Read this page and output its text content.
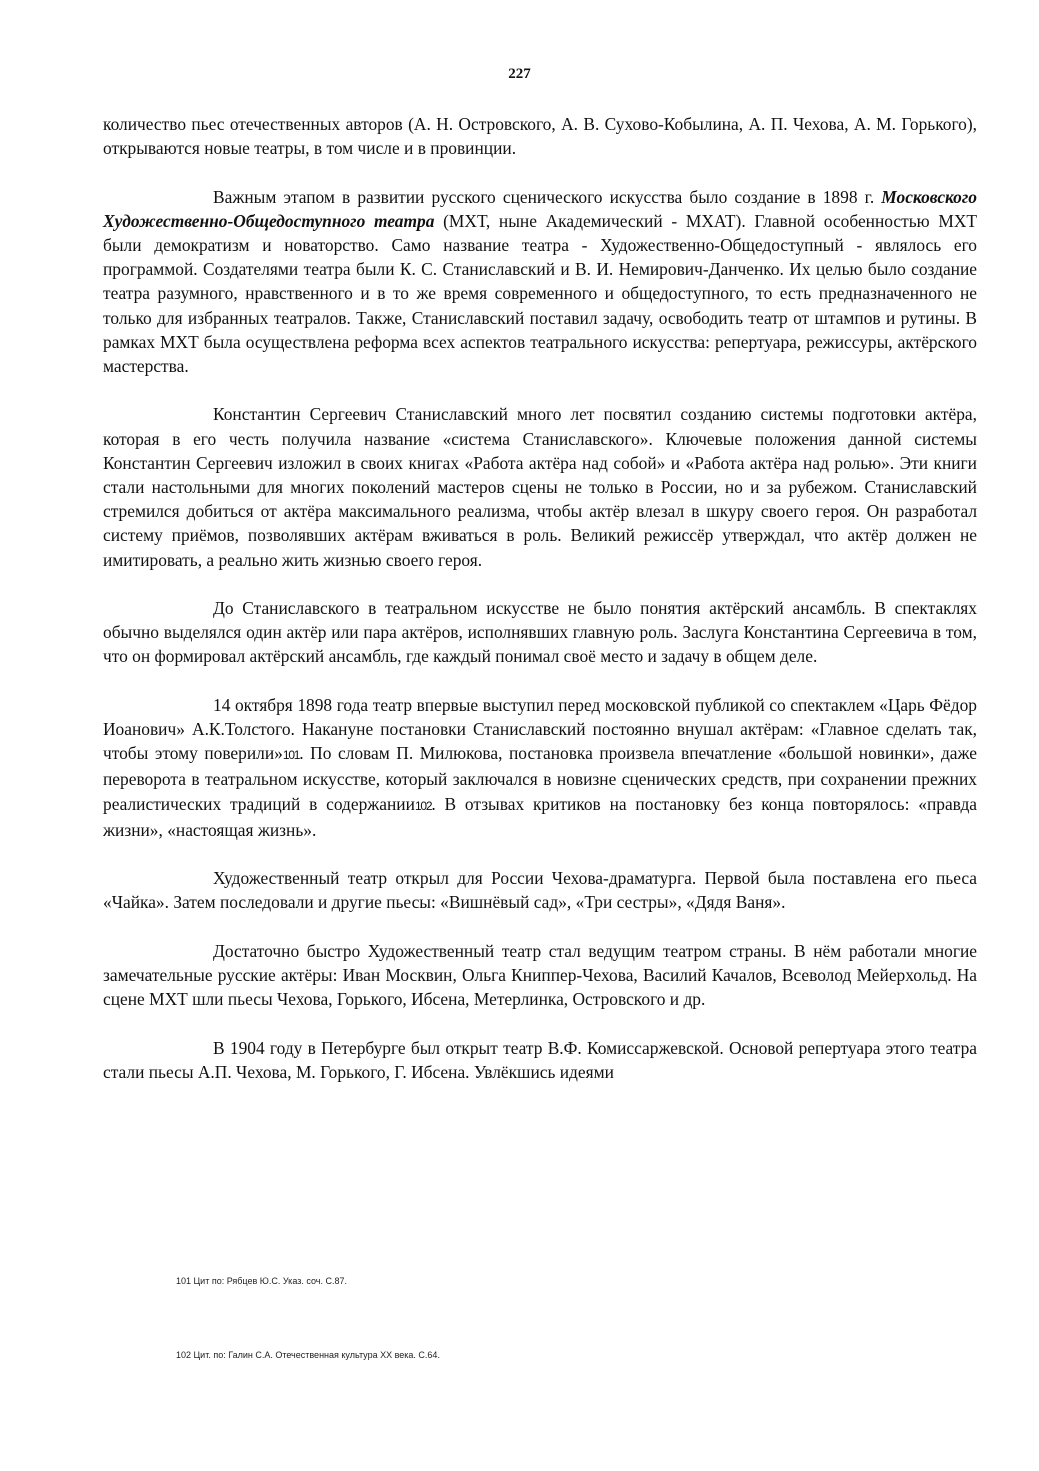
227

количество пьес отечественных авторов (А. Н. Островского, А. В. Сухово-Кобылина, А. П. Чехова, А. М. Горького), открываются новые театры, в том числе и в провинции.

Важным этапом в развитии русского сценического искусства было создание в 1898 г. Московского Художественно-Общедоступного театра (МХТ, ныне Академический - МХАТ). Главной особенностью МХТ были демократизм и новаторство. Само название театра - Художественно-Общедоступный - являлось его программой. Создателями театра были К. С. Станиславский и В. И. Немирович-Данченко. Их целью было создание театра разумного, нравственного и в то же время современного и общедоступного, то есть предназначенного не только для избранных театралов. Также, Станиславский поставил задачу, освободить театр от штампов и рутины. В рамках МХТ была осуществлена реформа всех аспектов театрального искусства: репертуара, режиссуры, актёрского мастерства.

Константин Сергеевич Станиславский много лет посвятил созданию системы подготовки актёра, которая в его честь получила название «система Станиславского». Ключевые положения данной системы Константин Сергеевич изложил в своих книгах «Работа актёра над собой» и «Работа актёра над ролью». Эти книги стали настольными для многих поколений мастеров сцены не только в России, но и за рубежом. Станиславский стремился добиться от актёра максимального реализма, чтобы актёр влезал в шкуру своего героя. Он разработал систему приёмов, позволявших актёрам вживаться в роль. Великий режиссёр утверждал, что актёр должен не имитировать, а реально жить жизнью своего героя.

До Станиславского в театральном искусстве не было понятия актёрский ансамбль. В спектаклях обычно выделялся один актёр или пара актёров, исполнявших главную роль. Заслуга Константина Сергеевича в том, что он формировал актёрский ансамбль, где каждый понимал своё место и задачу в общем деле.

14 октября 1898 года театр впервые выступил перед московской публикой со спектаклем «Царь Фёдор Иоанович» А.К.Толстого. Накануне постановки Станиславский постоянно внушал актёрам: «Главное сделать так, чтобы этому поверили»101. По словам П. Милюкова, постановка произвела впечатление «большой новинки», даже переворота в театральном искусстве, который заключался в новизне сценических средств, при сохранении прежних реалистических традиций в содержании102. В отзывах критиков на постановку без конца повторялось: «правда жизни», «настоящая жизнь».

Художественный театр открыл для России Чехова-драматурга. Первой была поставлена его пьеса «Чайка». Затем последовали и другие пьесы: «Вишнёвый сад», «Три сестры», «Дядя Ваня».

Достаточно быстро Художественный театр стал ведущим театром страны. В нём работали многие замечательные русские актёры: Иван Москвин, Ольга Книппер-Чехова, Василий Качалов, Всеволод Мейерхольд. На сцене МХТ шли пьесы Чехова, Горького, Ибсена, Метерлинка, Островского и др.

В 1904 году в Петербурге был открыт театр В.Ф. Комиссаржевской. Основой репертуара этого театра стали пьесы А.П. Чехова, М. Горького, Г. Ибсена. Увлёкшись идеями

101 Цит по: Рябцев Ю.С. Указ. соч. С.87.
102 Цит. по: Галин С.А. Отечественная культура XX века. С.64.
